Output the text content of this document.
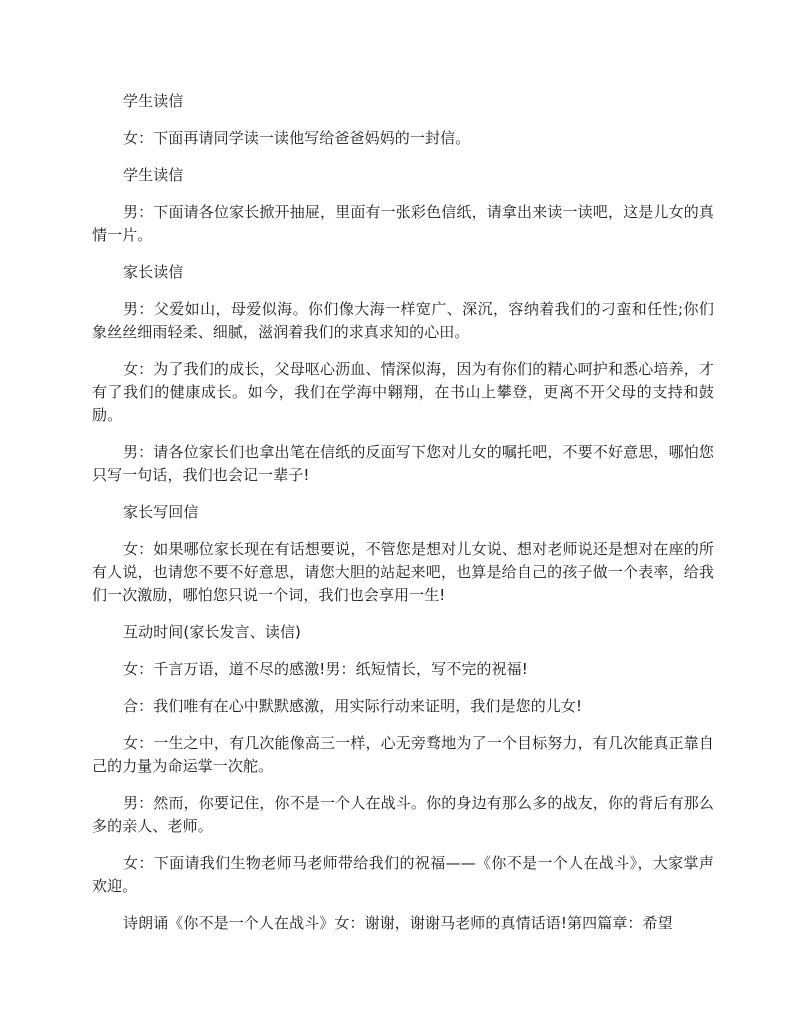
学生读信

女：下面再请同学读一读他写给爸爸妈妈的一封信。

学生读信

男：下面请各位家长掀开抽屉，里面有一张彩色信纸，请拿出来读一读吧，这是儿女的真情一片。

家长读信

男：父爱如山，母爱似海。你们像大海一样宽广、深沉，容纳着我们的刁蛮和任性;你们象丝丝细雨轻柔、细腻，滋润着我们的求真求知的心田。

女：为了我们的成长，父母呕心沥血、情深似海，因为有你们的精心呵护和悉心培养，才有了我们的健康成长。如今，我们在学海中翱翔，在书山上攀登，更离不开父母的支持和鼓励。

男：请各位家长们也拿出笔在信纸的反面写下您对儿女的嘱托吧，不要不好意思，哪怕您只写一句话，我们也会记一辈子!

家长写回信

女：如果哪位家长现在有话想要说，不管您是想对儿女说、想对老师说还是想对在座的所有人说，也请您不要不好意思，请您大胆的站起来吧，也算是给自己的孩子做一个表率，给我们一次激励，哪怕您只说一个词，我们也会享用一生!

互动时间(家长发言、读信)

女：千言万语，道不尽的感激!男：纸短情长，写不完的祝福!

合：我们唯有在心中默默感激，用实际行动来证明，我们是您的儿女!

女：一生之中，有几次能像高三一样，心无旁骛地为了一个目标努力，有几次能真正靠自己的力量为命运掌一次舵。

男：然而，你要记住，你不是一个人在战斗。你的身边有那么多的战友，你的背后有那么多的亲人、老师。

女：下面请我们生物老师马老师带给我们的祝福——《你不是一个人在战斗》，大家掌声欢迎。

诗朗诵《你不是一个人在战斗》女：谢谢，谢谢马老师的真情话语!第四篇章：希望
